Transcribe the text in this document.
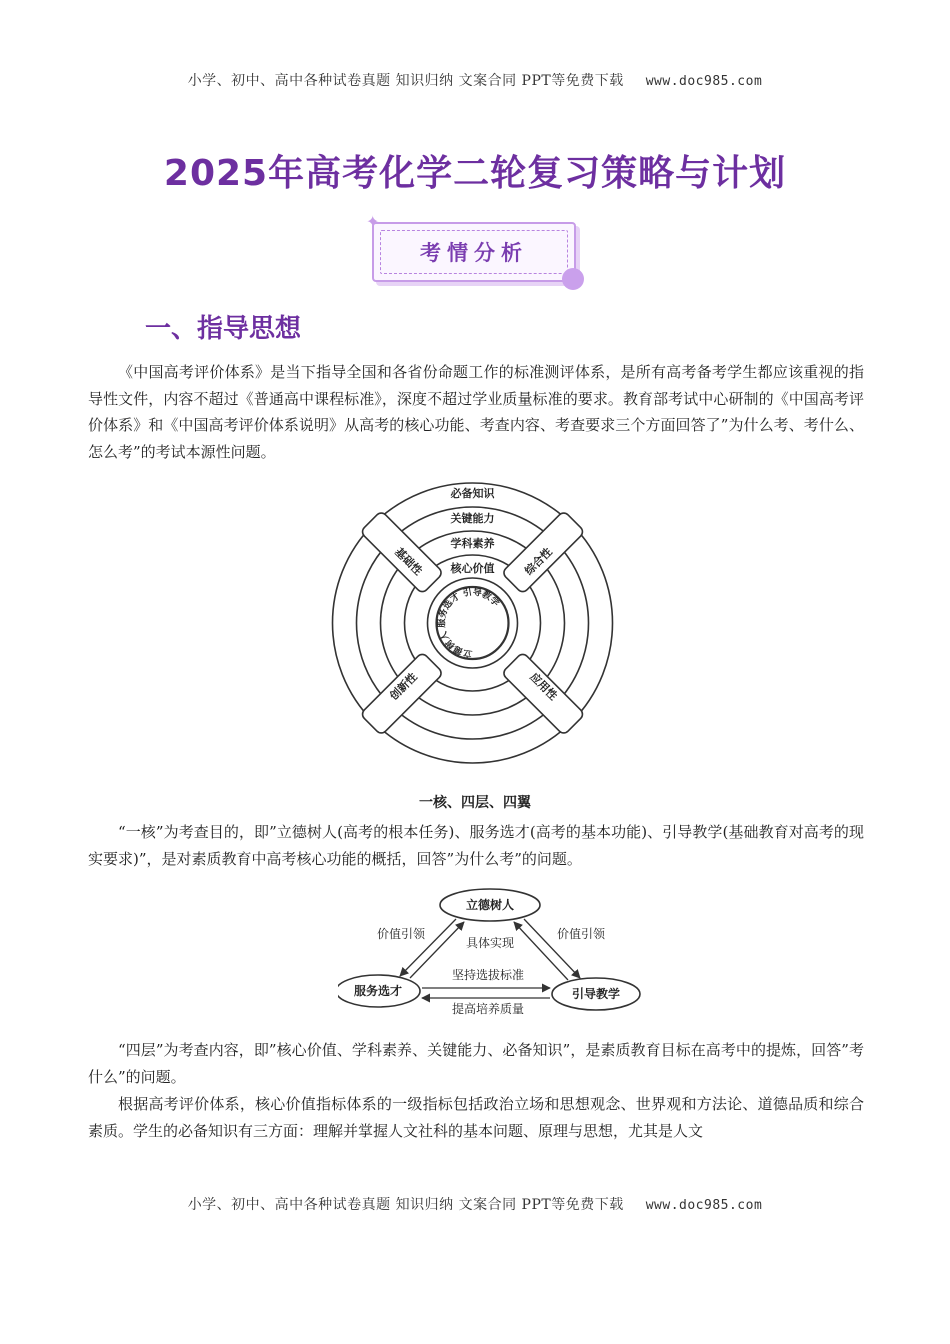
小学、初中、高中各种试卷真题 知识归纳 文案合同 PPT等免费下载 www.doc985.com
2025年高考化学二轮复习策略与计划
✦
考情分析
一、指导思想

《中国高考评价体系》是当下指导全国和各省份命题工作的标准测评体系，是所有高考备考学生都应该重视的指导性文件，内容不超过《普通高中课程标准》，深度不超过学业质量标准的要求。教育部考试中心研制的《中国高考评价体系》和《中国高考评价体系说明》从高考的核心功能、考查内容、考查要求三个方面回答了”为什么考、考什么、怎么考”的考试本源性问题。

必备知识
关键能力
学科素养
核心价值
基础性	综合性
应用性
创新性
立德树人 服务选才 引导教学
一核、四层、四翼

“一核”为考查目的，即”立德树人(高考的根本任务)、服务选才(高考的基本功能)、引导教学(基础教育对高考的现实要求)”，是对素质教育中高考核心功能的概括，回答”为什么考”的问题。

立德树人
服务选才	引导教学
价值引领	价值引领
具体实现
坚持选拔标准
提高培养质量

“四层”为考查内容，即”核心价值、学科素养、关键能力、必备知识”，是素质教育目标在高考中的提炼，回答”考什么”的问题。

根据高考评价体系，核心价值指标体系的一级指标包括政治立场和思想观念、世界观和方法论、道德品质和综合素质。学生的必备知识有三方面：理解并掌握人文社科的基本问题、原理与思想，尤其是人文

小学、初中、高中各种试卷真题 知识归纳 文案合同 PPT等免费下载 www.doc985.com
